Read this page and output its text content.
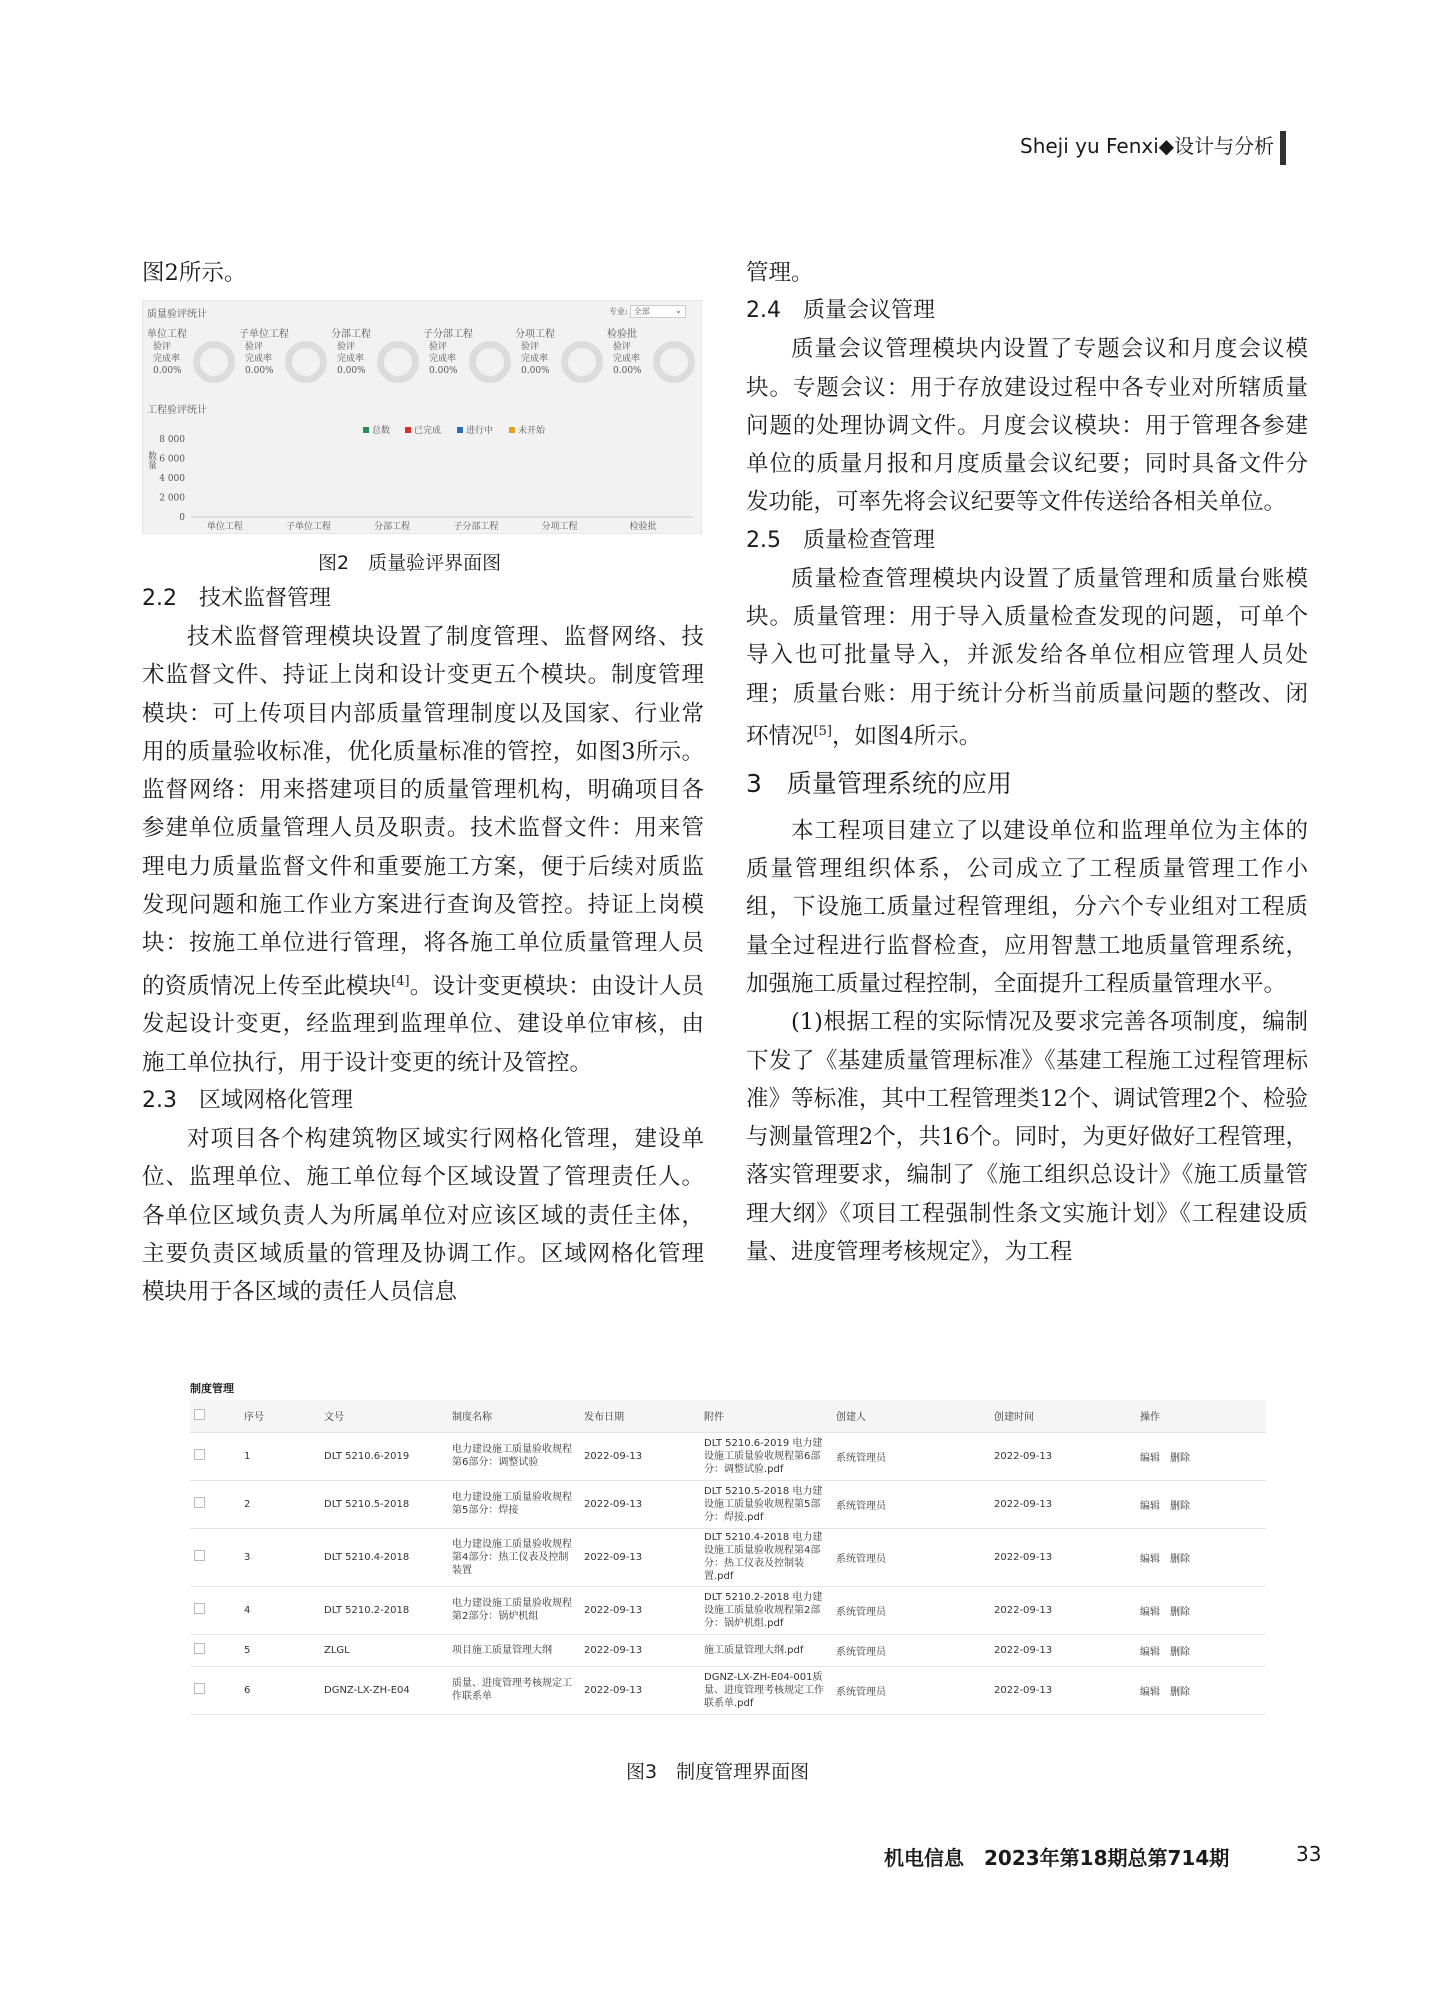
Sheji yu Fenxi◆设计与分析

图2所示。

质量验评统计	专业: 全部	⌄
单位工程
验评
完成率
0.00%
子单位工程
验评
完成率
0.00%
分部工程
验评
完成率
0.00%
子分部工程
验评
完成率
0.00%
分项工程
验评
完成率
0.00%
检验批
验评
完成率
0.00%
工程验评统计
数量
8 000
6 000
4 000
2 000
0
单位工程	子单位工程	分部工程	子分部工程	分项工程	检验批
总数	已完成	进行中	未开始
图2　质量验评界面图
2.2　技术监督管理

技术监督管理模块设置了制度管理、监督网络、技术监督文件、持证上岗和设计变更五个模块。制度管理模块：可上传项目内部质量管理制度以及国家、行业常用的质量验收标准，优化质量标准的管控，如图3所示。监督网络：用来搭建项目的质量管理机构，明确项目各参建单位质量管理人员及职责。技术监督文件：用来管理电力质量监督文件和重要施工方案，便于后续对质监发现问题和施工作业方案进行查询及管控。持证上岗模块：按施工单位进行管理，将各施工单位质量管理人员的资质情况上传至此模块[4]。设计变更模块：由设计人员发起设计变更，经监理到监理单位、建设单位审核，由施工单位执行，用于设计变更的统计及管控。

2.3　区域网格化管理

对项目各个构建筑物区域实行网格化管理，建设单位、监理单位、施工单位每个区域设置了管理责任人。各单位区域负责人为所属单位对应该区域的责任主体，主要负责区域质量的管理及协调工作。区域网格化管理模块用于各区域的责任人员信息

管理。

2.4　质量会议管理

质量会议管理模块内设置了专题会议和月度会议模块。专题会议：用于存放建设过程中各专业对所辖质量问题的处理协调文件。月度会议模块：用于管理各参建单位的质量月报和月度质量会议纪要；同时具备文件分发功能，可率先将会议纪要等文件传送给各相关单位。

2.5　质量检查管理

质量检查管理模块内设置了质量管理和质量台账模块。质量管理：用于导入质量检查发现的问题，可单个导入也可批量导入，并派发给各单位相应管理人员处理；质量台账：用于统计分析当前质量问题的整改、闭环情况[5]，如图4所示。

3　质量管理系统的应用

本工程项目建立了以建设单位和监理单位为主体的质量管理组织体系，公司成立了工程质量管理工作小组，下设施工质量过程管理组，分六个专业组对工程质量全过程进行监督检查，应用智慧工地质量管理系统，加强施工质量过程控制，全面提升工程质量管理水平。

(1)根据工程的实际情况及要求完善各项制度，编制下发了《基建质量管理标准》《基建工程施工过程管理标准》等标准，其中工程管理类12个、调试管理2个、检验与测量管理2个，共16个。同时，为更好做好工程管理，落实管理要求，编制了《施工组织总设计》《施工质量管理大纲》《项目工程强制性条文实施计划》《工程建设质量、进度管理考核规定》，为工程

制度管理
	序号	文号	制度名称	发布日期	附件	创建人	创建时间	操作
	1	DLT 5210.6-2019	电力建设施工质量验收规程 第6部分：调整试验	2022-09-13	DLT 5210.6-2019 电力建设施工质量验收规程第6部分：调整试验.pdf	系统管理员	2022-09-13	编辑 删除
	2	DLT 5210.5-2018	电力建设施工质量验收规程 第5部分：焊接	2022-09-13	DLT 5210.5-2018 电力建设施工质量验收规程第5部分：焊接.pdf	系统管理员	2022-09-13	编辑 删除
	3	DLT 5210.4-2018	电力建设施工质量验收规程 第4部分：热工仪表及控制装置	2022-09-13	DLT 5210.4-2018 电力建设施工质量验收规程第4部分：热工仪表及控制装置.pdf	系统管理员	2022-09-13	编辑 删除
	4	DLT 5210.2-2018	电力建设施工质量验收规程 第2部分：锅炉机组	2022-09-13	DLT 5210.2-2018 电力建设施工质量验收规程第2部分：锅炉机组.pdf	系统管理员	2022-09-13	编辑 删除
	5	ZLGL	项目施工质量管理大纲	2022-09-13	施工质量管理大纲.pdf	系统管理员	2022-09-13	编辑 删除
	6	DGNZ-LX-ZH-E04	质量、进度管理考核规定工作联系单	2022-09-13	DGNZ-LX-ZH-E04-001质量、进度管理考核规定工作联系单.pdf	系统管理员	2022-09-13	编辑 删除
图3　制度管理界面图
机电信息　2023年第18期总第714期	33
